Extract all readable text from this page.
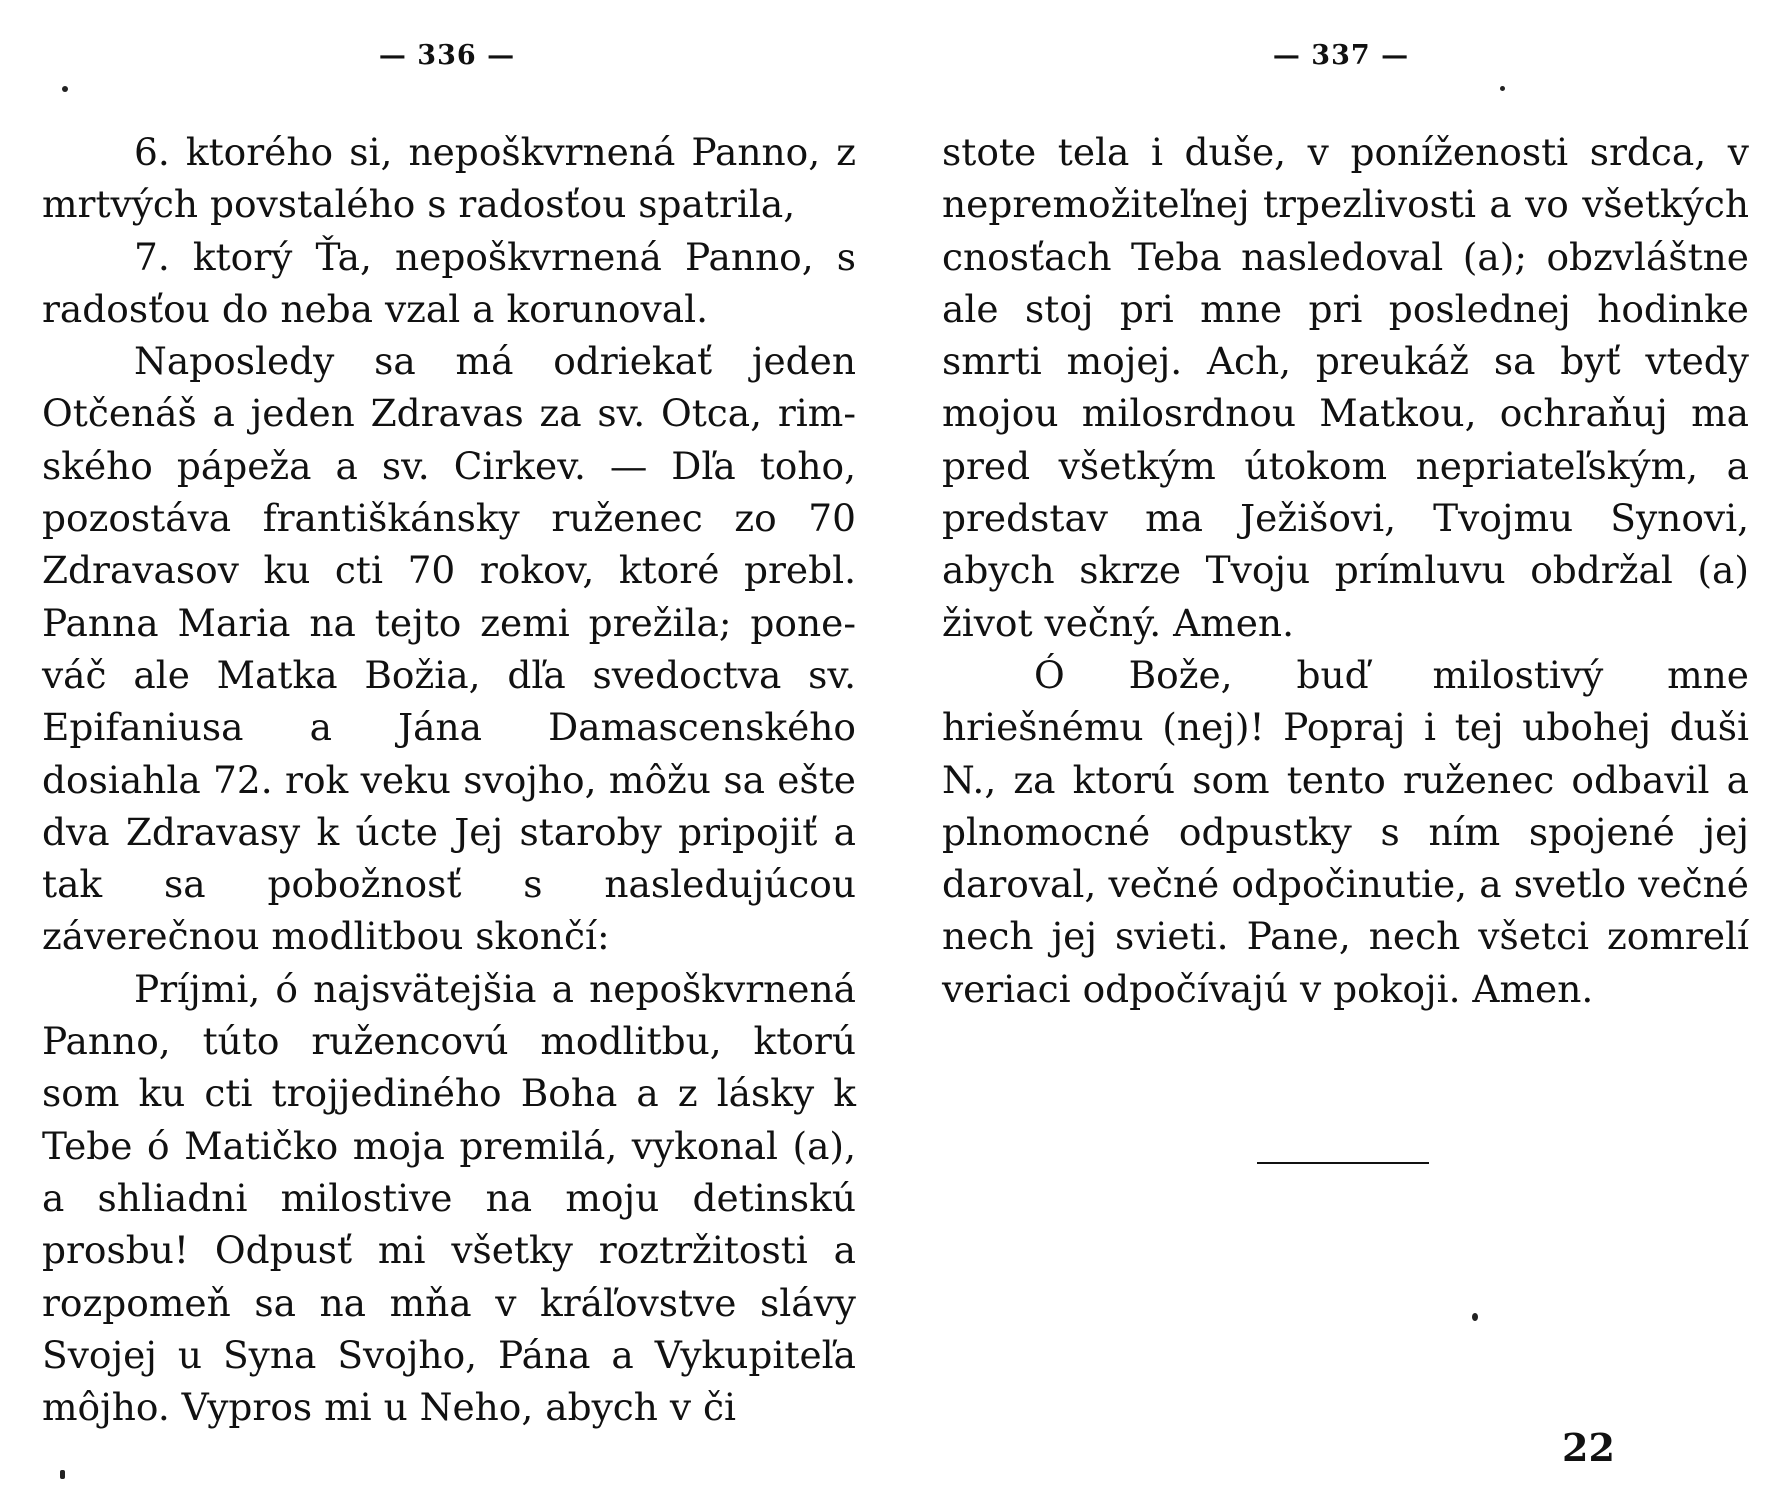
— 336 —

6. ktorého si, nepoškvrnená Panno, z mrtvých povstalého s radosťou spatrila,

7. ktorý Ťa, nepoškvrnená Panno, s radosťou do neba vzal a korunoval.

Naposledy sa má odriekať jeden Otčenáš a jeden Zdravas za sv. Otca, rimského pápeža a sv. Cirkev. — Dľa toho, pozostáva františkánsky ruženec zo 70 Zdravasov ku cti 70 rokov, ktoré prebl. Panna Maria na tejto zemi prežila; poneváč ale Matka Božia, dľa svedoctva sv. Epifaniusa a Jána Damascenského dosiahla 72. rok veku svojho, môžu sa ešte dva Zdravasy k úcte Jej staroby pripojiť a tak sa pobožnosť s nasledujúcou záverečnou modlitbou skončí:

Príjmi, ó najsvätejšia a nepoškvrnená Panno, túto ružencovú modlitbu, ktorú som ku cti trojjediného Boha a z lásky k Tebe ó Matičko moja premilá, vykonal (a), a shliadni milostive na moju detinskú prosbu! Odpusť mi všetky roztržitosti a rozpomeň sa na mňa v kráľovstve slávy Svojej u Syna Svojho, Pána a Vykupiteľa môjho. Vypros mi u Neho, abych v či

— 337 —

stote tela i duše, v poníženosti srdca, v nepremožiteľnej trpezlivosti a vo všetkých cnosťach Teba nasledoval (a); obzvláštne ale stoj pri mne pri poslednej hodinke smrti mojej. Ach, preukáž sa byť vtedy mojou milosrdnou Matkou, ochraňuj ma pred všetkým útokom nepriateľským, a predstav ma Ježišovi, Tvojmu Synovi, abych skrze Tvoju prímluvu obdržal (a) život večný. Amen.

Ó Bože, buď milostivý mne hriešnému (nej)! Popraj i tej ubohej duši N., za ktorú som tento ruženec odbavil a plnomocné odpustky s ním spojené jej daroval, večné odpočinutie, a svetlo večné nech jej svieti. Pane, nech všetci zomrelí veriaci odpočívajú v pokoji. Amen.

22
